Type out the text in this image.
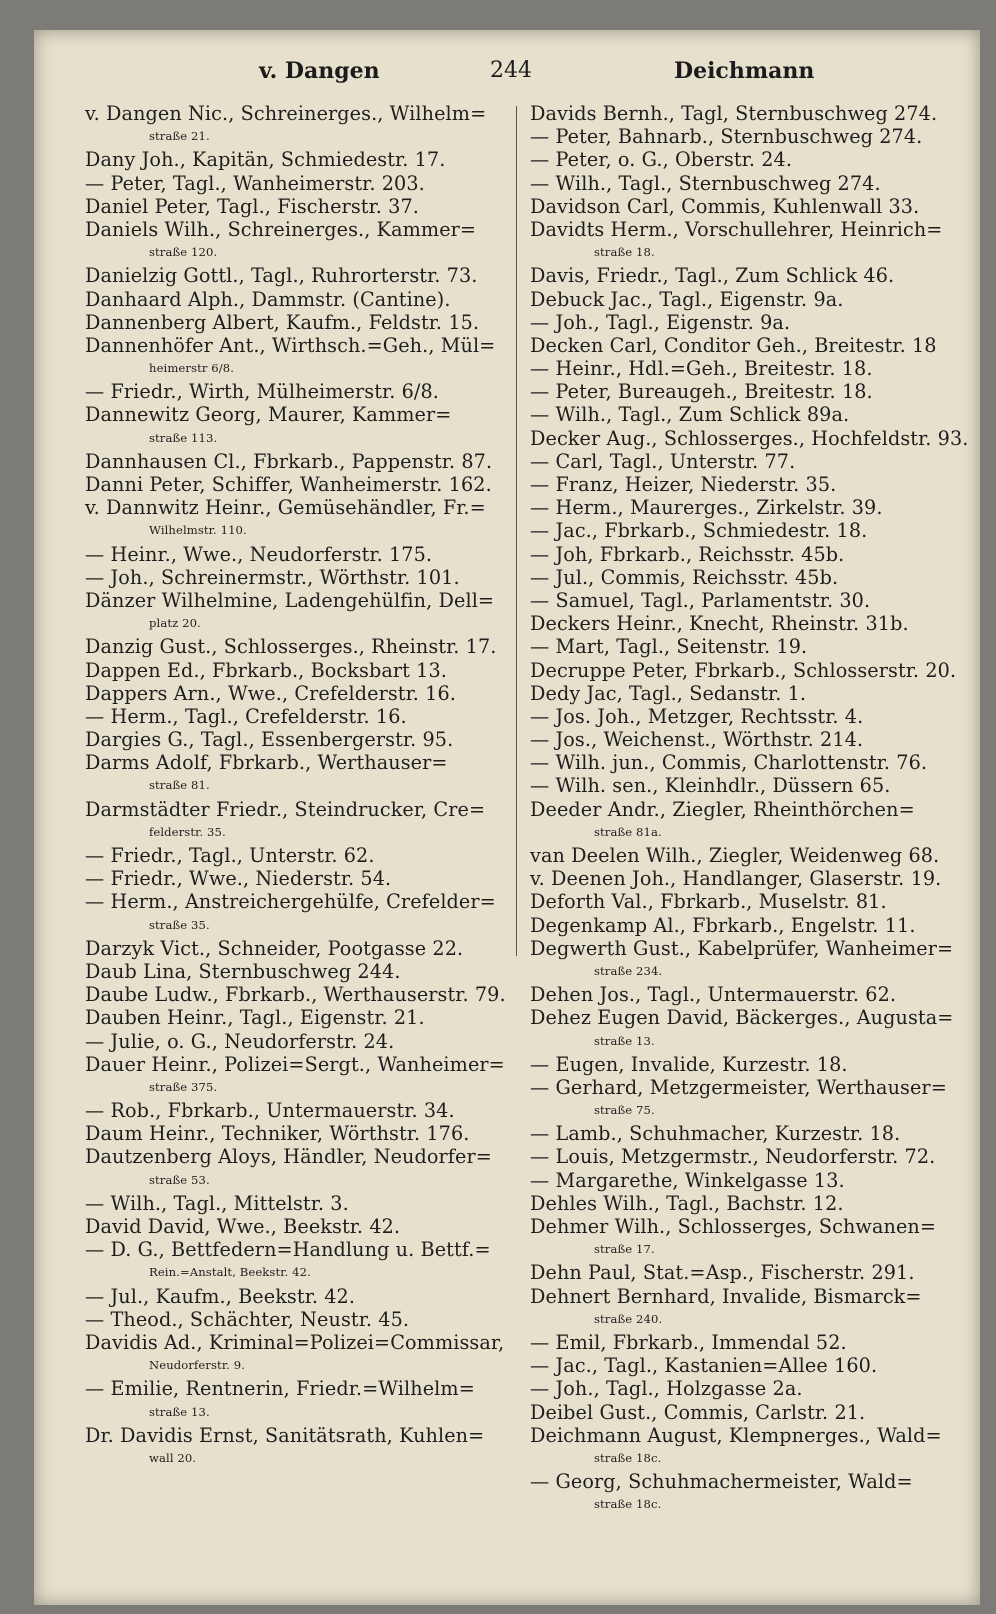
v. Dangen	244	Deichmann
v. Dangen Nic., Schreinerges., Wilhelm=
straße 21.
Dany Joh., Kapitän, Schmiedestr. 17.
— Peter, Tagl., Wanheimerstr. 203.
Daniel Peter, Tagl., Fischerstr. 37.
Daniels Wilh., Schreinerges., Kammer=
straße 120.
Danielzig Gottl., Tagl., Ruhrorterstr. 73.
Danhaard Alph., Dammstr. (Cantine).
Dannenberg Albert, Kaufm., Feldstr. 15.
Dannenhöfer Ant., Wirthsch.=Geh., Mül=
heimerstr 6/8.
— Friedr., Wirth, Mülheimerstr. 6/8.
Dannewitz Georg, Maurer, Kammer=
straße 113.
Dannhausen Cl., Fbrkarb., Pappenstr. 87.
Danni Peter, Schiffer, Wanheimerstr. 162.
v. Dannwitz Heinr., Gemüsehändler, Fr.=
Wilhelmstr. 110.
— Heinr., Wwe., Neudorferstr. 175.
— Joh., Schreinermstr., Wörthstr. 101.
Dänzer Wilhelmine, Ladengehülfin, Dell=
platz 20.
Danzig Gust., Schlosserges., Rheinstr. 17.
Dappen Ed., Fbrkarb., Bocksbart 13.
Dappers Arn., Wwe., Crefelderstr. 16.
— Herm., Tagl., Crefelderstr. 16.
Dargies G., Tagl., Essenbergerstr. 95.
Darms Adolf, Fbrkarb., Werthauser=
straße 81.
Darmstädter Friedr., Steindrucker, Cre=
felderstr. 35.
— Friedr., Tagl., Unterstr. 62.
— Friedr., Wwe., Niederstr. 54.
— Herm., Anstreichergehülfe, Crefelder=
straße 35.
Darzyk Vict., Schneider, Pootgasse 22.
Daub Lina, Sternbuschweg 244.
Daube Ludw., Fbrkarb., Werthauserstr. 79.
Dauben Heinr., Tagl., Eigenstr. 21.
— Julie, o. G., Neudorferstr. 24.
Dauer Heinr., Polizei=Sergt., Wanheimer=
straße 375.
— Rob., Fbrkarb., Untermauerstr. 34.
Daum Heinr., Techniker, Wörthstr. 176.
Dautzenberg Aloys, Händler, Neudorfer=
straße 53.
— Wilh., Tagl., Mittelstr. 3.
David David, Wwe., Beekstr. 42.
— D. G., Bettfedern=Handlung u. Bettf.=
Rein.=Anstalt, Beekstr. 42.
— Jul., Kaufm., Beekstr. 42.
— Theod., Schächter, Neustr. 45.
Davidis Ad., Kriminal=Polizei=Commissar,
Neudorferstr. 9.
— Emilie, Rentnerin, Friedr.=Wilhelm=
straße 13.
Dr. Davidis Ernst, Sanitätsrath, Kuhlen=
wall 20.
Davids Bernh., Tagl, Sternbuschweg 274.
— Peter, Bahnarb., Sternbuschweg 274.
— Peter, o. G., Oberstr. 24.
— Wilh., Tagl., Sternbuschweg 274.
Davidson Carl, Commis, Kuhlenwall 33.
Davidts Herm., Vorschullehrer, Heinrich=
straße 18.
Davis, Friedr., Tagl., Zum Schlick 46.
Debuck Jac., Tagl., Eigenstr. 9a.
— Joh., Tagl., Eigenstr. 9a.
Decken Carl, Conditor Geh., Breitestr. 18
— Heinr., Hdl.=Geh., Breitestr. 18.
— Peter, Bureaugeh., Breitestr. 18.
— Wilh., Tagl., Zum Schlick 89a.
Decker Aug., Schlosserges., Hochfeldstr. 93.
— Carl, Tagl., Unterstr. 77.
— Franz, Heizer, Niederstr. 35.
— Herm., Maurerges., Zirkelstr. 39.
— Jac., Fbrkarb., Schmiedestr. 18.
— Joh, Fbrkarb., Reichsstr. 45b.
— Jul., Commis, Reichsstr. 45b.
— Samuel, Tagl., Parlamentstr. 30.
Deckers Heinr., Knecht, Rheinstr. 31b.
— Mart, Tagl., Seitenstr. 19.
Decruppe Peter, Fbrkarb., Schlosserstr. 20.
Dedy Jac, Tagl., Sedanstr. 1.
— Jos. Joh., Metzger, Rechtsstr. 4.
— Jos., Weichenst., Wörthstr. 214.
— Wilh. jun., Commis, Charlottenstr. 76.
— Wilh. sen., Kleinhdlr., Düssern 65.
Deeder Andr., Ziegler, Rheinthörchen=
straße 81a.
van Deelen Wilh., Ziegler, Weidenweg 68.
v. Deenen Joh., Handlanger, Glaserstr. 19.
Deforth Val., Fbrkarb., Muselstr. 81.
Degenkamp Al., Fbrkarb., Engelstr. 11.
Degwerth Gust., Kabelprüfer, Wanheimer=
straße 234.
Dehen Jos., Tagl., Untermauerstr. 62.
Dehez Eugen David, Bäckerges., Augusta=
straße 13.
— Eugen, Invalide, Kurzestr. 18.
— Gerhard, Metzgermeister, Werthauser=
straße 75.
— Lamb., Schuhmacher, Kurzestr. 18.
— Louis, Metzgermstr., Neudorferstr. 72.
— Margarethe, Winkelgasse 13.
Dehles Wilh., Tagl., Bachstr. 12.
Dehmer Wilh., Schlosserges, Schwanen=
straße 17.
Dehn Paul, Stat.=Asp., Fischerstr. 291.
Dehnert Bernhard, Invalide, Bismarck=
straße 240.
— Emil, Fbrkarb., Immendal 52.
— Jac., Tagl., Kastanien=Allee 160.
— Joh., Tagl., Holzgasse 2a.
Deibel Gust., Commis, Carlstr. 21.
Deichmann August, Klempnerges., Wald=
straße 18c.
— Georg, Schuhmachermeister, Wald=
straße 18c.
